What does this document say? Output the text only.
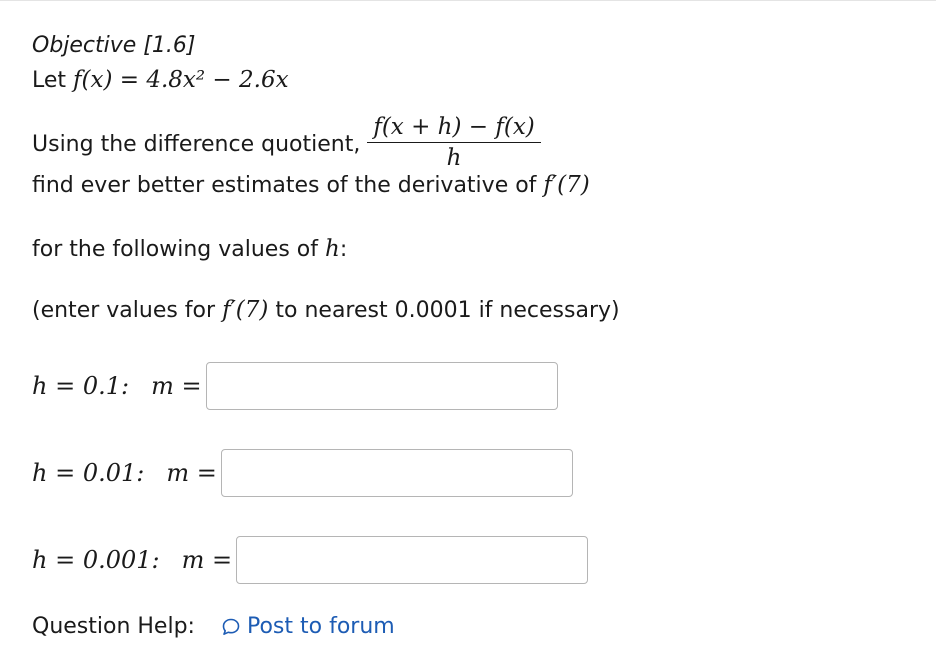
Objective [1.6]
Let f(x) = 4.8x² − 2.6x
Using the difference quotient, $\frac{f(x + h) - f(x)}{h}$
find ever better estimates of the derivative of f′(7)
for the following values of h:
(enter values for f′(7) to nearest 0.0001 if necessary)
h = 0.1: m =
h = 0.01: m =
h = 0.001: m =
Question Help: Post to forum
